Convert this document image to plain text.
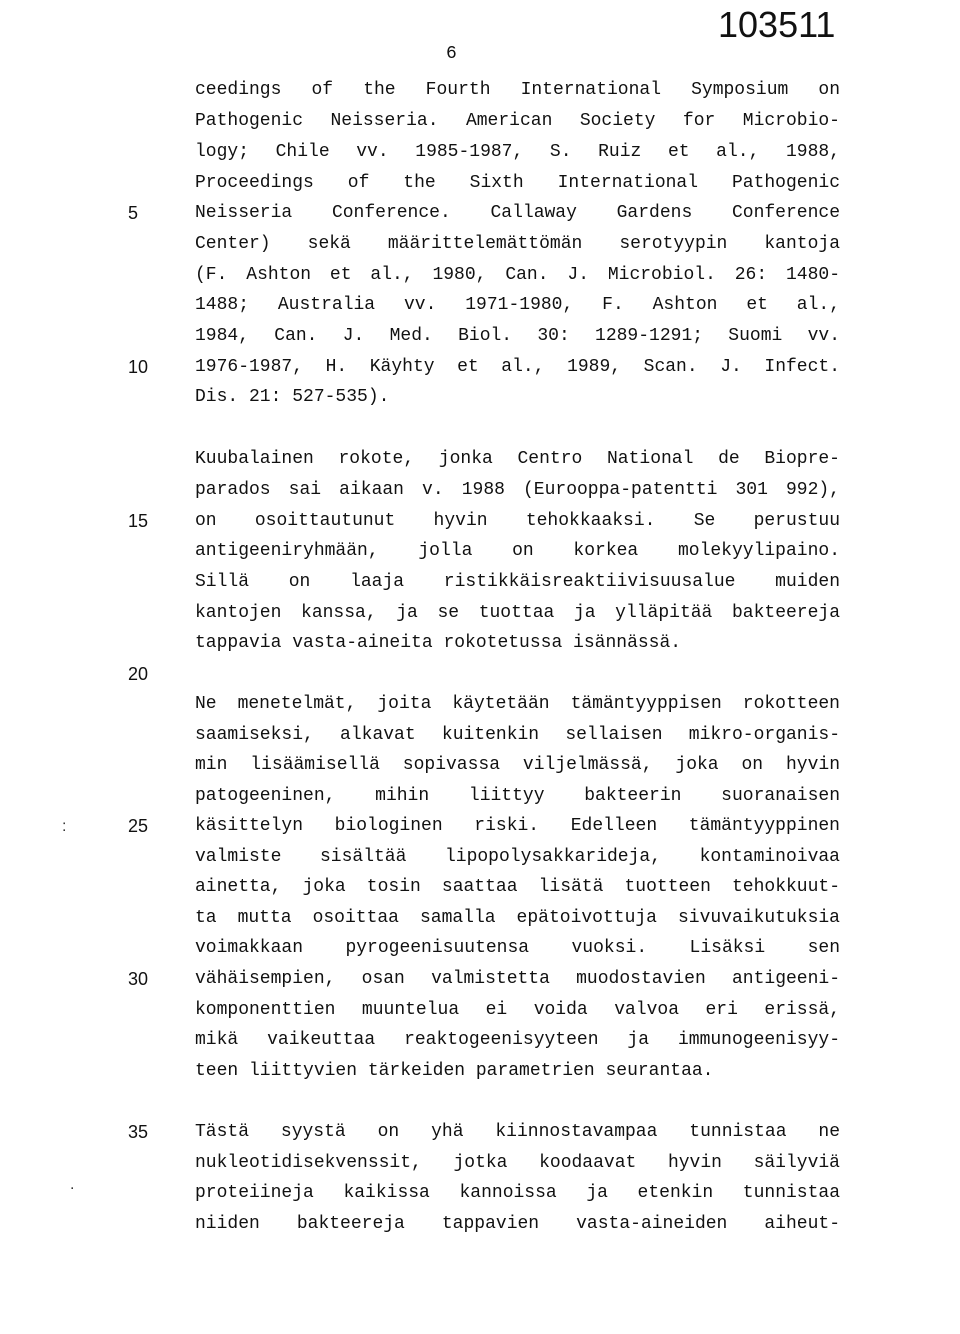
103511
6
5
10
15
20
25
30
35
:
.
ceedings of the Fourth International Symposium on
Pathogenic Neisseria. American Society for Microbio-
logy; Chile vv. 1985-1987, S. Ruiz et al., 1988,
Proceedings of the Sixth International Pathogenic
Neisseria Conference. Callaway Gardens Conference
Center) sekä määrittelemättömän serotyypin kantoja
(F. Ashton et al., 1980, Can. J. Microbiol. 26: 1480-
1488; Australia vv. 1971-1980, F. Ashton et al.,
1984, Can. J. Med. Biol. 30: 1289-1291; Suomi vv.
1976-1987, H. Käyhty et al., 1989, Scan. J. Infect.
Dis. 21: 527-535).
Kuubalainen rokote, jonka Centro National de Biopre-
parados sai aikaan v. 1988 (Eurooppa-patentti 301 992),
on osoittautunut hyvin tehokkaaksi. Se perustuu
antigeeniryhmään, jolla on korkea molekyylipaino.
Sillä on laaja ristikkäisreaktiivisuusalue muiden
kantojen kanssa, ja se tuottaa ja ylläpitää bakteereja
tappavia vasta-aineita rokotetussa isännässä.
Ne menetelmät, joita käytetään tämäntyyppisen rokotteen
saamiseksi, alkavat kuitenkin sellaisen mikro-organis-
min lisäämisellä sopivassa viljelmässä, joka on hyvin
patogeeninen, mihin liittyy bakteerin suoranaisen
käsittelyn biologinen riski. Edelleen tämäntyyppinen
valmiste sisältää lipopolysakkarideja, kontaminoivaa
ainetta, joka tosin saattaa lisätä tuotteen tehokkuut-
ta mutta osoittaa samalla epätoivottuja sivuvaikutuksia
voimakkaan pyrogeenisuutensa vuoksi. Lisäksi sen
vähäisempien, osan valmistetta muodostavien antigeeni-
komponenttien muuntelua ei voida valvoa eri erissä,
mikä vaikeuttaa reaktogeenisyyteen ja immunogeenisyy-
teen liittyvien tärkeiden parametrien seurantaa.
Tästä syystä on yhä kiinnostavampaa tunnistaa ne
nukleotidisekvenssit, jotka koodaavat hyvin säilyviä
proteiineja kaikissa kannoissa ja etenkin tunnistaa
niiden bakteereja tappavien vasta-aineiden aiheut-
